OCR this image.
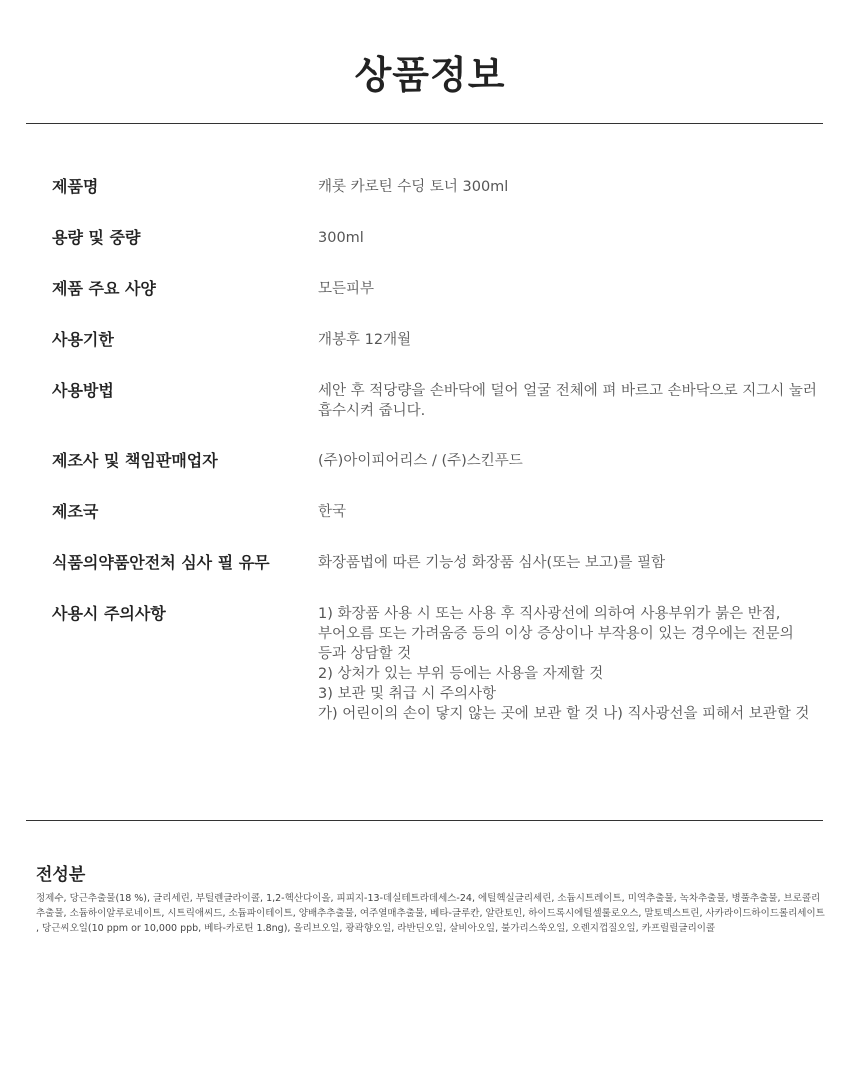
상품정보
제품명	캐롯 카로틴 수딩 토너 300ml
용량 및 중량	300ml
제품 주요 사양	모든피부
사용기한	개봉후 12개월
사용방법	세안 후 적당량을 손바닥에 덜어 얼굴 전체에 펴 바르고 손바닥으로 지그시 눌러
흡수시켜 줍니다.
제조사 및 책임판매업자	(주)아이피어리스 / (주)스킨푸드
제조국	한국
식품의약품안전처 심사 필 유무	화장품법에 따른 기능성 화장품 심사(또는 보고)를 필함
사용시 주의사항	1) 화장품 사용 시 또는 사용 후 직사광선에 의하여 사용부위가 붉은 반점,
부어오름 또는 가려움증 등의 이상 증상이나 부작용이 있는 경우에는 전문의
등과 상담할 것
2) 상처가 있는 부위 등에는 사용을 자제할 것
3) 보관 및 취급 시 주의사항
가) 어린이의 손이 닿지 않는 곳에 보관 할 것 나) 직사광선을 피해서 보관할 것
전성분
정제수, 당근추출물(18 %), 글리세린, 부틸렌글라이콜, 1,2-헥산다이올, 피피지-13-데실테트라데세스-24, 에틸헥실글리세린, 소듐시트레이트, 미역추출물, 녹차추출물, 병풀추출물, 브로콜리
추출물, 소듐하이알루로네이트, 시트릭애씨드, 소듐파이테이트, 양배추추출물, 여주열매추출물, 베타-글루칸, 알란토인, 하이드록시에틸셀룰로오스, 말토덱스트린, 사카라이드하이드롤리세이트
, 당근씨오일(10 ppm or 10,000 ppb, 베타-카로틴 1.8ng), 올리브오일, 광곽향오일, 라반딘오일, 살비아오일, 불가리스쑥오일, 오렌지껍질오일, 카프릴릴글리이콜
